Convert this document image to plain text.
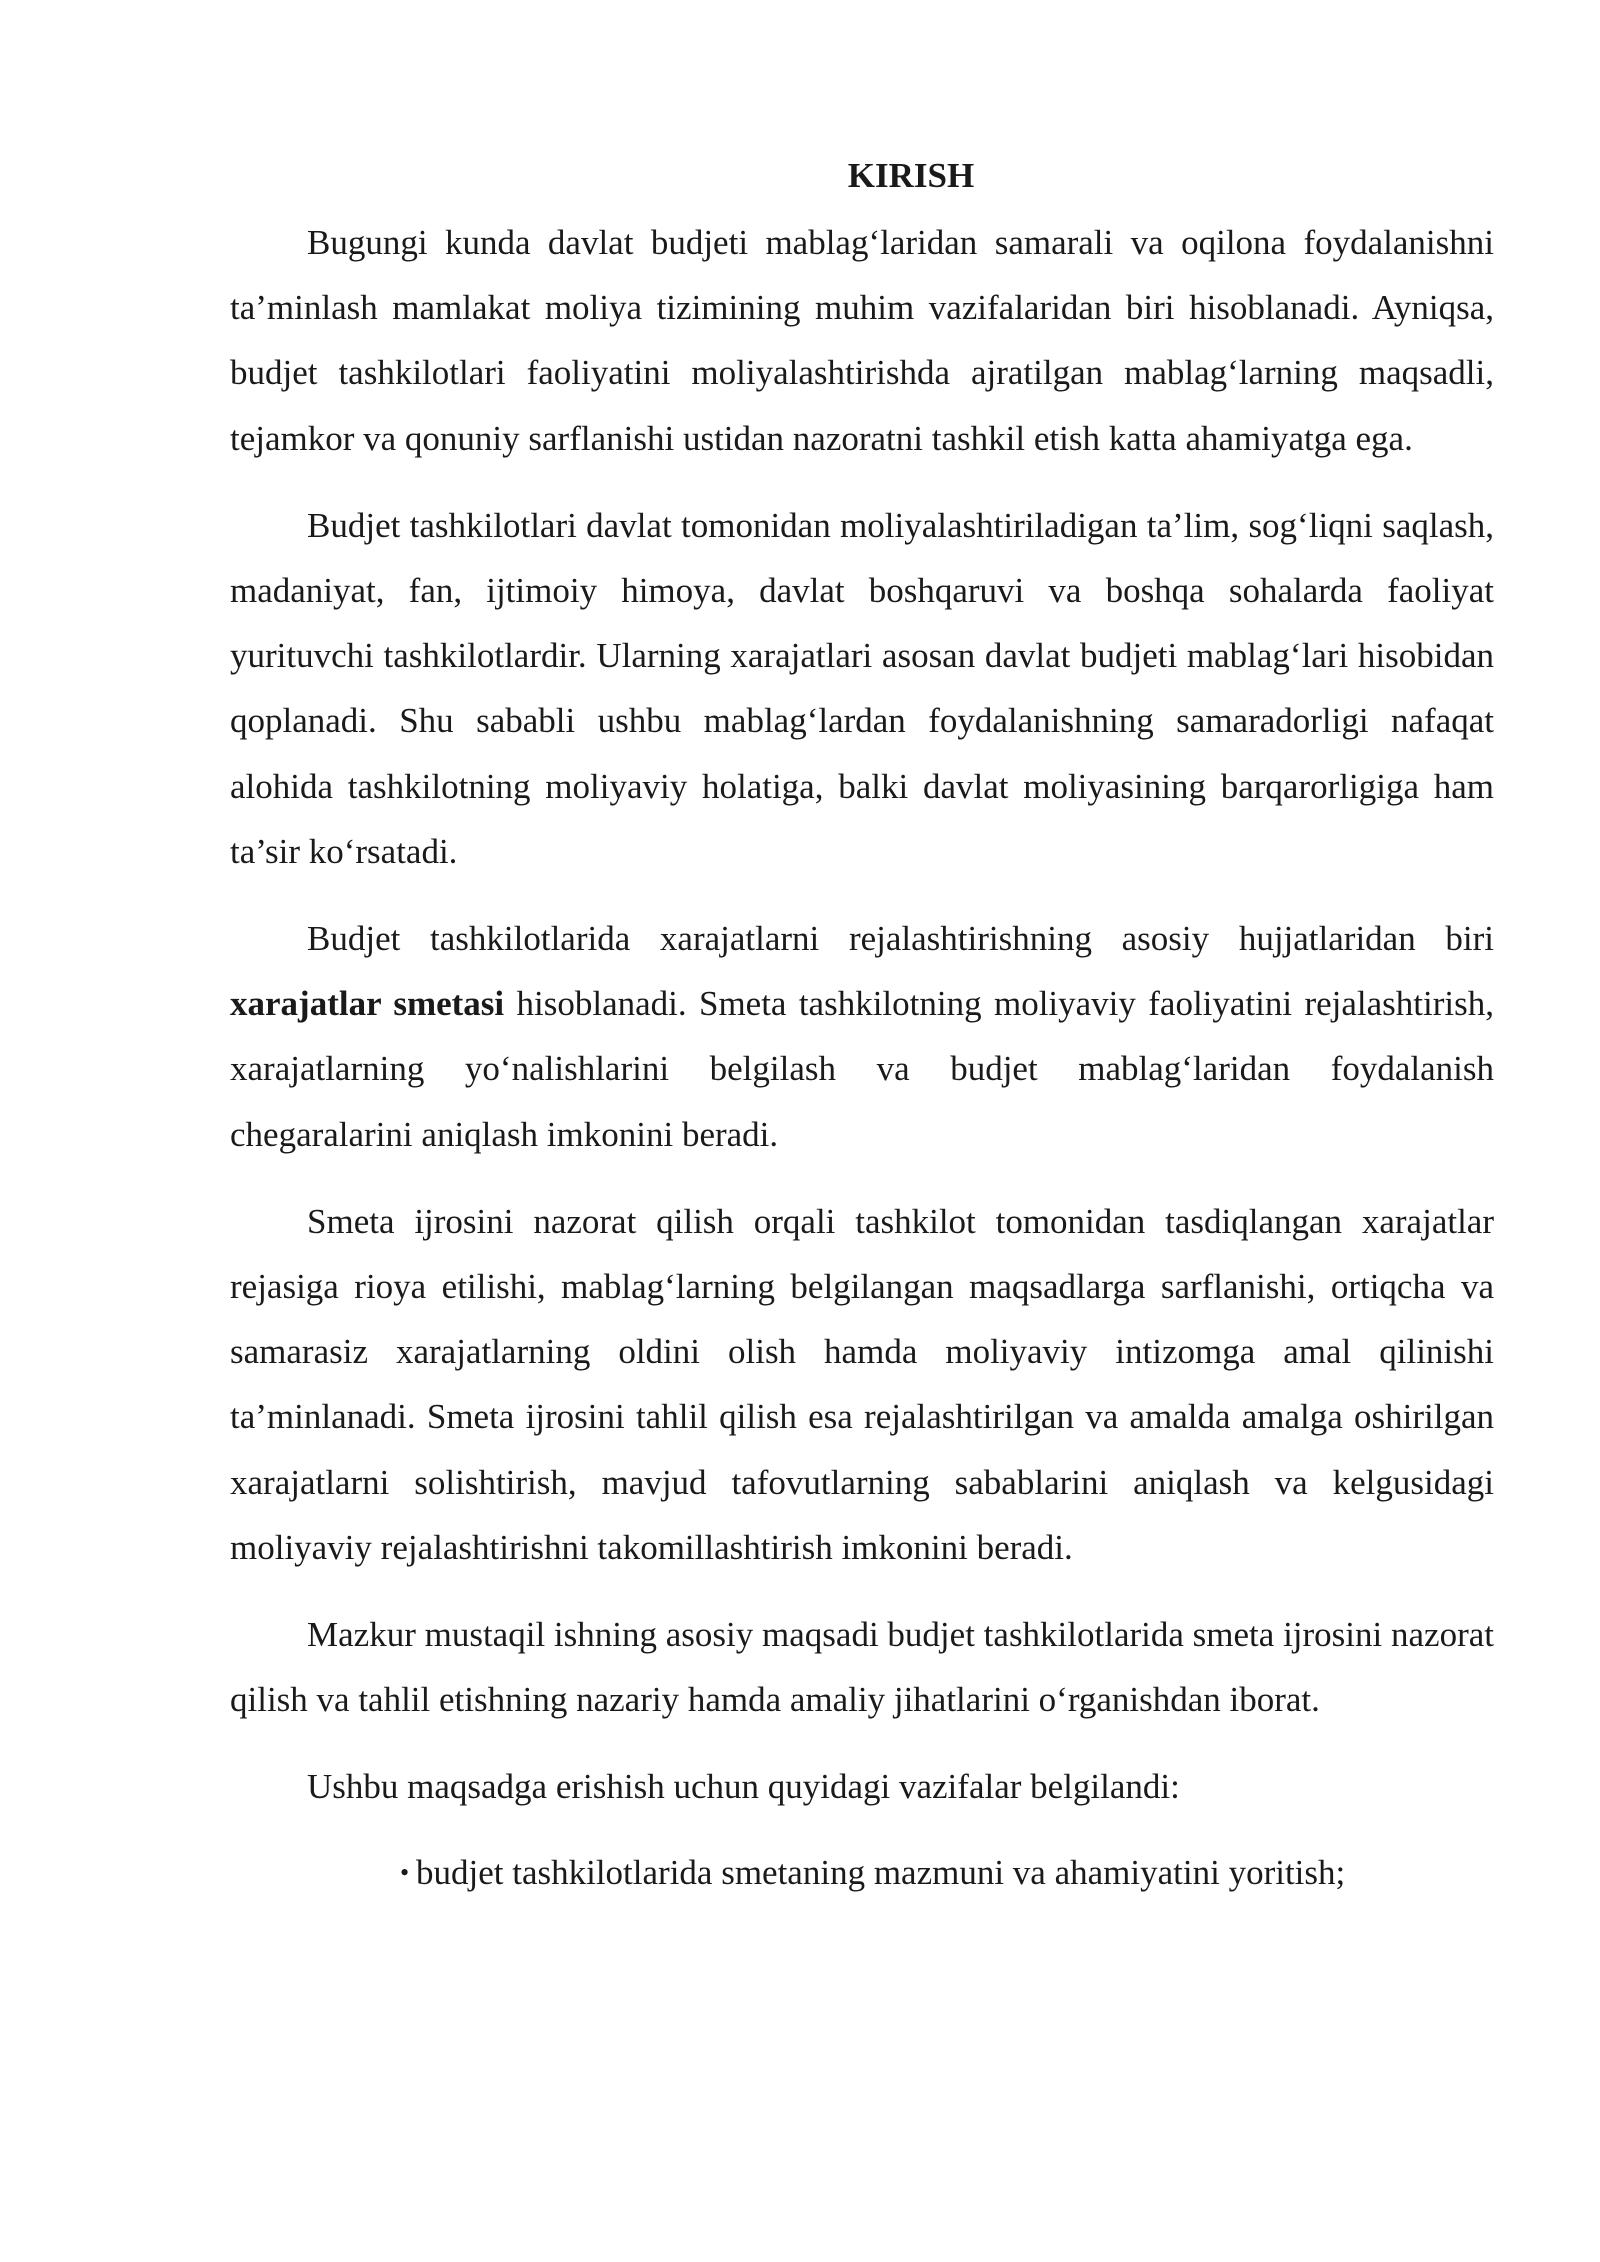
KIRISH

Bugungi kunda davlat budjeti mablag‘laridan samarali va oqilona foydalanishni ta’minlash mamlakat moliya tizimining muhim vazifalaridan biri hisoblanadi. Ayniqsa, budjet tashkilotlari faoliyatini moliyalashtirishda ajratilgan mablag‘larning maqsadli, tejamkor va qonuniy sarflanishi ustidan nazoratni tashkil etish katta ahamiyatga ega.

Budjet tashkilotlari davlat tomonidan moliyalashtiriladigan ta’lim, sog‘liqni saqlash, madaniyat, fan, ijtimoiy himoya, davlat boshqaruvi va boshqa sohalarda faoliyat yurituvchi tashkilotlardir. Ularning xarajatlari asosan davlat budjeti mablag‘lari hisobidan qoplanadi. Shu sababli ushbu mablag‘lardan foydalanishning samaradorligi nafaqat alohida tashkilotning moliyaviy holatiga, balki davlat moliyasining barqarorligiga ham ta’sir ko‘rsatadi.

Budjet tashkilotlarida xarajatlarni rejalashtirishning asosiy hujjatlaridan biri xarajatlar smetasi hisoblanadi. Smeta tashkilotning moliyaviy faoliyatini rejalashtirish, xarajatlarning yo‘nalishlarini belgilash va budjet mablag‘laridan foydalanish chegaralarini aniqlash imkonini beradi.

Smeta ijrosini nazorat qilish orqali tashkilot tomonidan tasdiqlangan xarajatlar rejasiga rioya etilishi, mablag‘larning belgilangan maqsadlarga sarflanishi, ortiqcha va samarasiz xarajatlarning oldini olish hamda moliyaviy intizomga amal qilinishi ta’minlanadi. Smeta ijrosini tahlil qilish esa rejalashtirilgan va amalda amalga oshirilgan xarajatlarni solishtirish, mavjud tafovutlarning sabablarini aniqlash va kelgusidagi moliyaviy rejalashtirishni takomillashtirish imkonini beradi.

Mazkur mustaqil ishning asosiy maqsadi budjet tashkilotlarida smeta ijrosini nazorat qilish va tahlil etishning nazariy hamda amaliy jihatlarini o‘rganishdan iborat.

Ushbu maqsadga erishish uchun quyidagi vazifalar belgilandi:

• budjet tashkilotlarida smetaning mazmuni va ahamiyatini yoritish;
